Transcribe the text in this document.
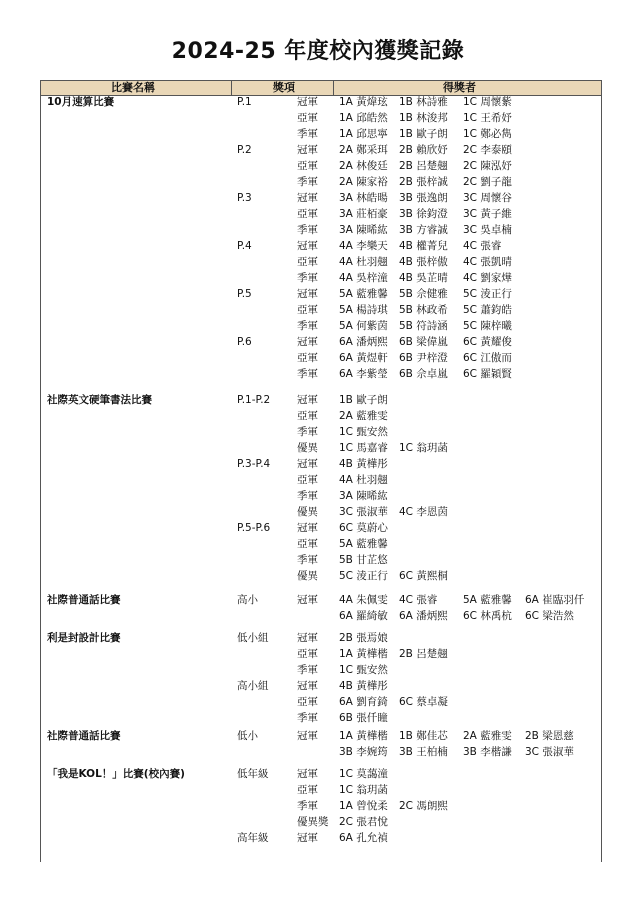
2024-25 年度校內獲獎記錄
比賽名稱	獎項	得獎者
10月速算比賽	P.1	冠軍 1A 黃煒玹 1B 林詩雅 1C 周懷紫
亞軍 1A 邱皓然 1B 林浚邦 1C 王希妤
季軍 1A 邱思寧 1B 歐子朗 1C 鄭必雋
P.2	冠軍 2A 鄭采珥 2B 賴欣妤 2C 李泰頤
亞軍 2A 林俊廷 2B 呂楚翹 2C 陳泓妤
季軍 2A 陳家裕 2B 張梓誠 2C 劉子龍
P.3	冠軍 3A 林皓暘 3B 張逸朗 3C 周懷谷
亞軍 3A 莊栢豪 3B 徐鈞澄 3C 黃子維
季軍 3A 陳晞紘 3B 方睿誠 3C 吳卓楠
P.4	冠軍 4A 李樂天 4B 權菁兒 4C 張睿
亞軍 4A 杜羽翹 4B 張梓傲 4C 張凱晴
季軍 4A 吳梓潼 4B 吳芷晴 4C 劉家燁
P.5	冠軍 5A 藍雅馨 5B 佘健雅 5C 淩正行
亞軍 5A 楊詩琪 5B 林政希 5C 蕭鈞皓
季軍 5A 何紫茵 5B 符詩涵 5C 陳梓曦
P.6	冠軍 6A 潘炳熙 6B 梁偉嵐 6C 黃耀俊
亞軍 6A 黃煜軒 6B 尹梓澄 6C 江傲而
季軍 6A 李紫瑩 6B 佘卓嵐 6C 羅穎賢
社際英文硬筆書法比賽	P.1-P.2	冠軍 1B 歐子朗
亞軍 2A 藍雅雯
季軍 1C 甄安然
優異 1C 馬嘉睿 1C 翁玥菡
P.3-P.4	冠軍 4B 黃樺彤
亞軍 4A 杜羽翹
季軍 3A 陳晞紘
優異 3C 張淑華 4C 李恩茵
P.5-P.6	冠軍 6C 莫蔚心
亞軍 5A 藍雅馨
季軍 5B 甘芷悠
優異 5C 淩正行 6C 黃熙桐
社際普通話比賽	高小	冠軍 4A 朱佩雯 4C 張睿 5A 藍雅馨 6A 崔臨羽仟
6A 羅綺敏 6A 潘炳熙 6C 林禹杭 6C 梁浩然
利是封設計比賽	低小組	冠軍 2B 張焉娘
亞軍 1A 黃樺楷 2B 呂楚翹
季軍 1C 甄安然
高小組	冠軍 4B 黃樺彤
亞軍 6A 劉育錡 6C 蔡卓凝
季軍 6B 張仟瞳
社際普通話比賽	低小	冠軍 1A 黃樺楷 1B 鄭佳芯 2A 藍雅雯 2B 梁恩慈
3B 李婉筠 3B 王柏楠 3B 李楷謙 3C 張淑華
「我是KOL！」比賽(校內賽)	低年級	冠軍 1C 莫藹潼
亞軍 1C 翁玥菡
季軍 1A 曾悅柔 2C 馮朗熙
優異獎 2C 張君悅
高年級	冠軍 6A 孔允禎
